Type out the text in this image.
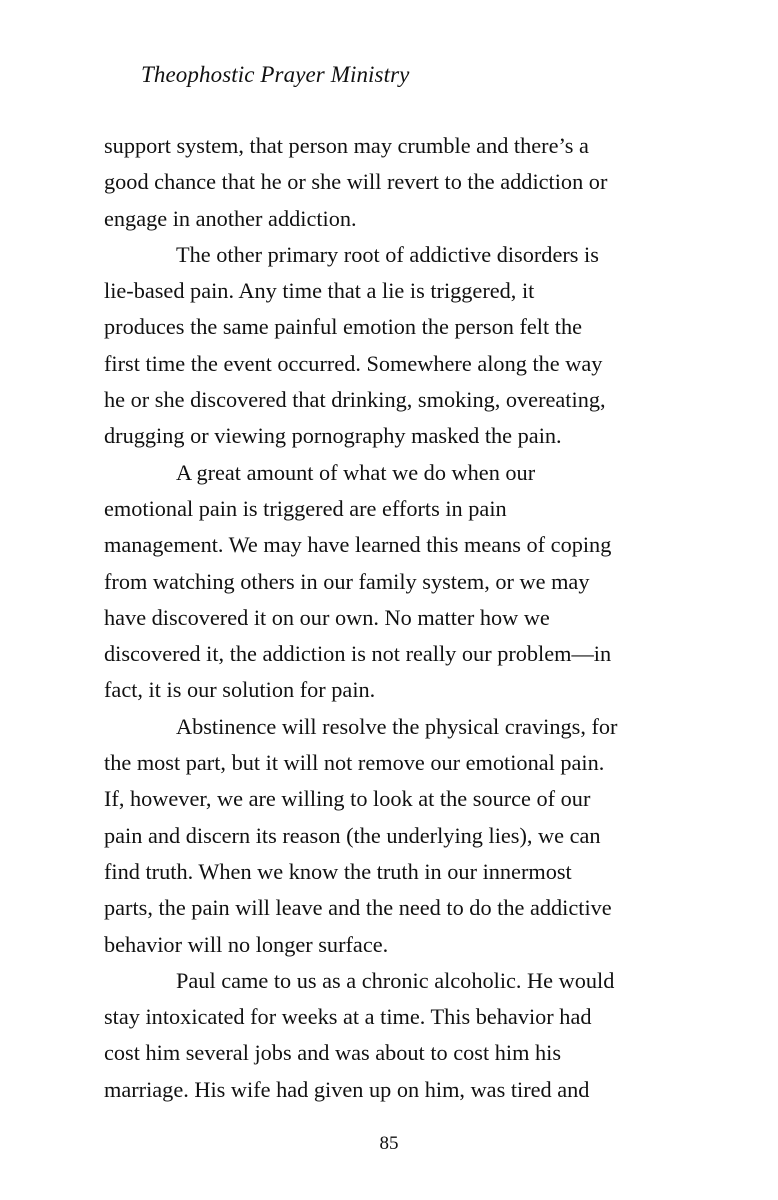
Theophostic Prayer Ministry
support system, that person may crumble and there’s a
good chance that he or she will revert to the addiction or
engage in another addiction.
The other primary root of addictive disorders is
lie-based pain. Any time that a lie is triggered, it
produces the same painful emotion the person felt the
first time the event occurred. Somewhere along the way
he or she discovered that drinking, smoking, overeating,
drugging or viewing pornography masked the pain.
A great amount of what we do when our
emotional pain is triggered are efforts in pain
management. We may have learned this means of coping
from watching others in our family system, or we may
have discovered it on our own. No matter how we
discovered it, the addiction is not really our problem—in
fact, it is our solution for pain.
Abstinence will resolve the physical cravings, for
the most part, but it will not remove our emotional pain.
If, however, we are willing to look at the source of our
pain and discern its reason (the underlying lies), we can
find truth. When we know the truth in our innermost
parts, the pain will leave and the need to do the addictive
behavior will no longer surface.
Paul came to us as a chronic alcoholic. He would
stay intoxicated for weeks at a time. This behavior had
cost him several jobs and was about to cost him his
marriage. His wife had given up on him, was tired and
85
